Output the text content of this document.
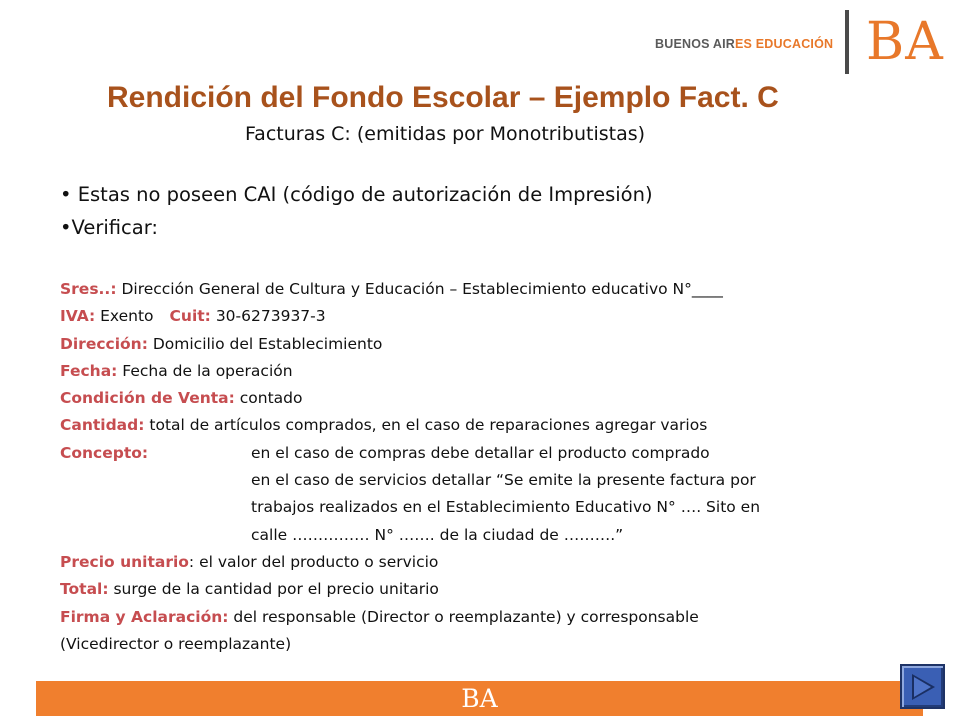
BUENOS AIRES EDUCACIÓN BA
Rendición del Fondo Escolar – Ejemplo Fact. C
Facturas C: (emitidas por Monotributistas)
• Estas no poseen CAI (código de autorización de Impresión)
•Verificar:
Sres..: Dirección General de Cultura y Educación – Establecimiento educativo N°____
IVA: Exento Cuit: 30-6273937-3
Dirección: Domicilio del Establecimiento
Fecha: Fecha de la operación
Condición de Venta: contado
Cantidad: total de artículos comprados, en el caso de reparaciones agregar varios
Concepto:	en el caso de compras debe detallar el producto comprado
en el caso de servicios detallar “Se emite la presente factura por
trabajos realizados en el Establecimiento Educativo N° …. Sito en
calle …………… N° ……. de la ciudad de ……….”
Precio unitario: el valor del producto o servicio
Total: surge de la cantidad por el precio unitario
Firma y Aclaración: del responsable (Director o reemplazante) y corresponsable
(Vicedirector o reemplazante)
BA
